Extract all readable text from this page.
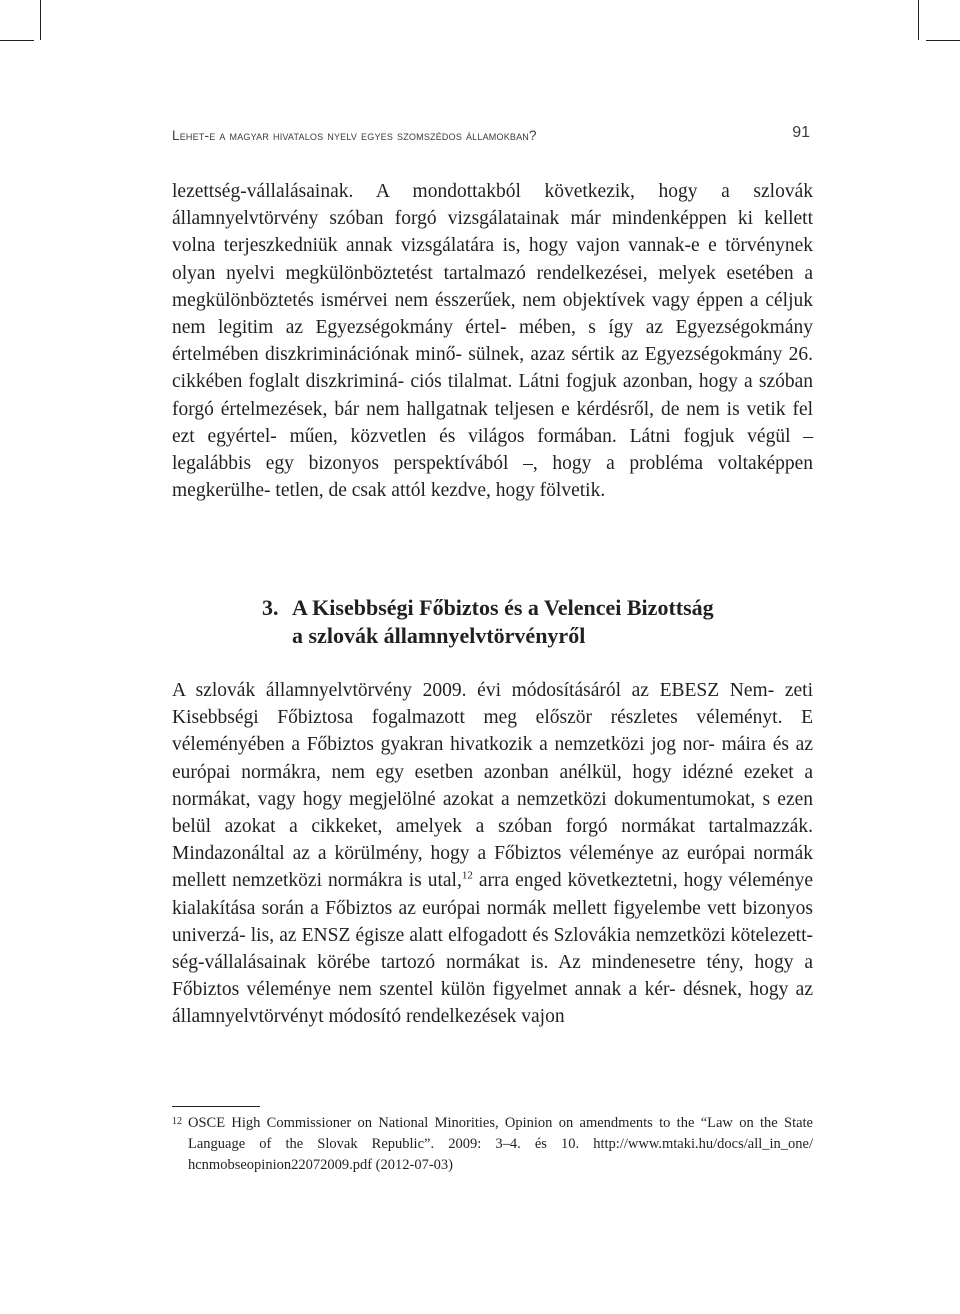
Lehet-e a magyar hivatalos nyelv egyes szomszédos államokban?	91
lezettség-vállalásainak. A mondottakból következik, hogy a szlovák államnyelvtörvény szóban forgó vizsgálatainak már mindenképpen ki kellett volna terjeszkedniük annak vizsgálatára is, hogy vajon vannak-e e törvénynek olyan nyelvi megkülönböztetést tartalmazó rendelkezései, melyek esetében a megkülönböztetés ismérvei nem ésszerűek, nem objektívek vagy éppen a céljuk nem legitim az Egyezségokmány értel- mében, s így az Egyezségokmány értelmében diszkriminációnak minő- sülnek, azaz sértik az Egyezségokmány 26. cikkében foglalt diszkriminá- ciós tilalmat. Látni fogjuk azonban, hogy a szóban forgó értelmezések, bár nem hallgatnak teljesen e kérdésről, de nem is vetik fel ezt egyértel- műen, közvetlen és világos formában. Látni fogjuk végül – legalábbis egy bizonyos perspektívából –, hogy a probléma voltaképpen megkerülhe- tetlen, de csak attól kezdve, hogy fölvetik.
3. A Kisebbségi Főbiztos és a Velencei Bizottság
a szlovák államnyelvtörvényről
A szlovák államnyelvtörvény 2009. évi módosításáról az EBESZ Nem- zeti Kisebbségi Főbiztosa fogalmazott meg először részletes véleményt. E véleményében a Főbiztos gyakran hivatkozik a nemzetközi jog nor- máira és az európai normákra, nem egy esetben azonban anélkül, hogy idézné ezeket a normákat, vagy hogy megjelölné azokat a nemzetközi dokumentumokat, s ezen belül azokat a cikkeket, amelyek a szóban forgó normákat tartalmazzák. Mindazonáltal az a körülmény, hogy a Főbiztos véleménye az európai normák mellett nemzetközi normákra is utal,$^{12}$ arra enged következtetni, hogy véleménye kialakítása során a Főbiztos az európai normák mellett figyelembe vett bizonyos univerzá- lis, az ENSZ égisze alatt elfogadott és Szlovákia nemzetközi kötelezett- ség-vállalásainak körébe tartozó normákat is. Az mindenesetre tény, hogy a Főbiztos véleménye nem szentel külön figyelmet annak a kér- désnek, hogy az államnyelvtörvényt módosító rendelkezések vajon
12 OSCE High Commissioner on National Minorities, Opinion on amendments to the “Law on the State Language of the Slovak Republic”. 2009: 3–4. és 10. http://www.mtaki.hu/docs/all_in_one/ hcnmobseopinion22072009.pdf (2012-07-03)
